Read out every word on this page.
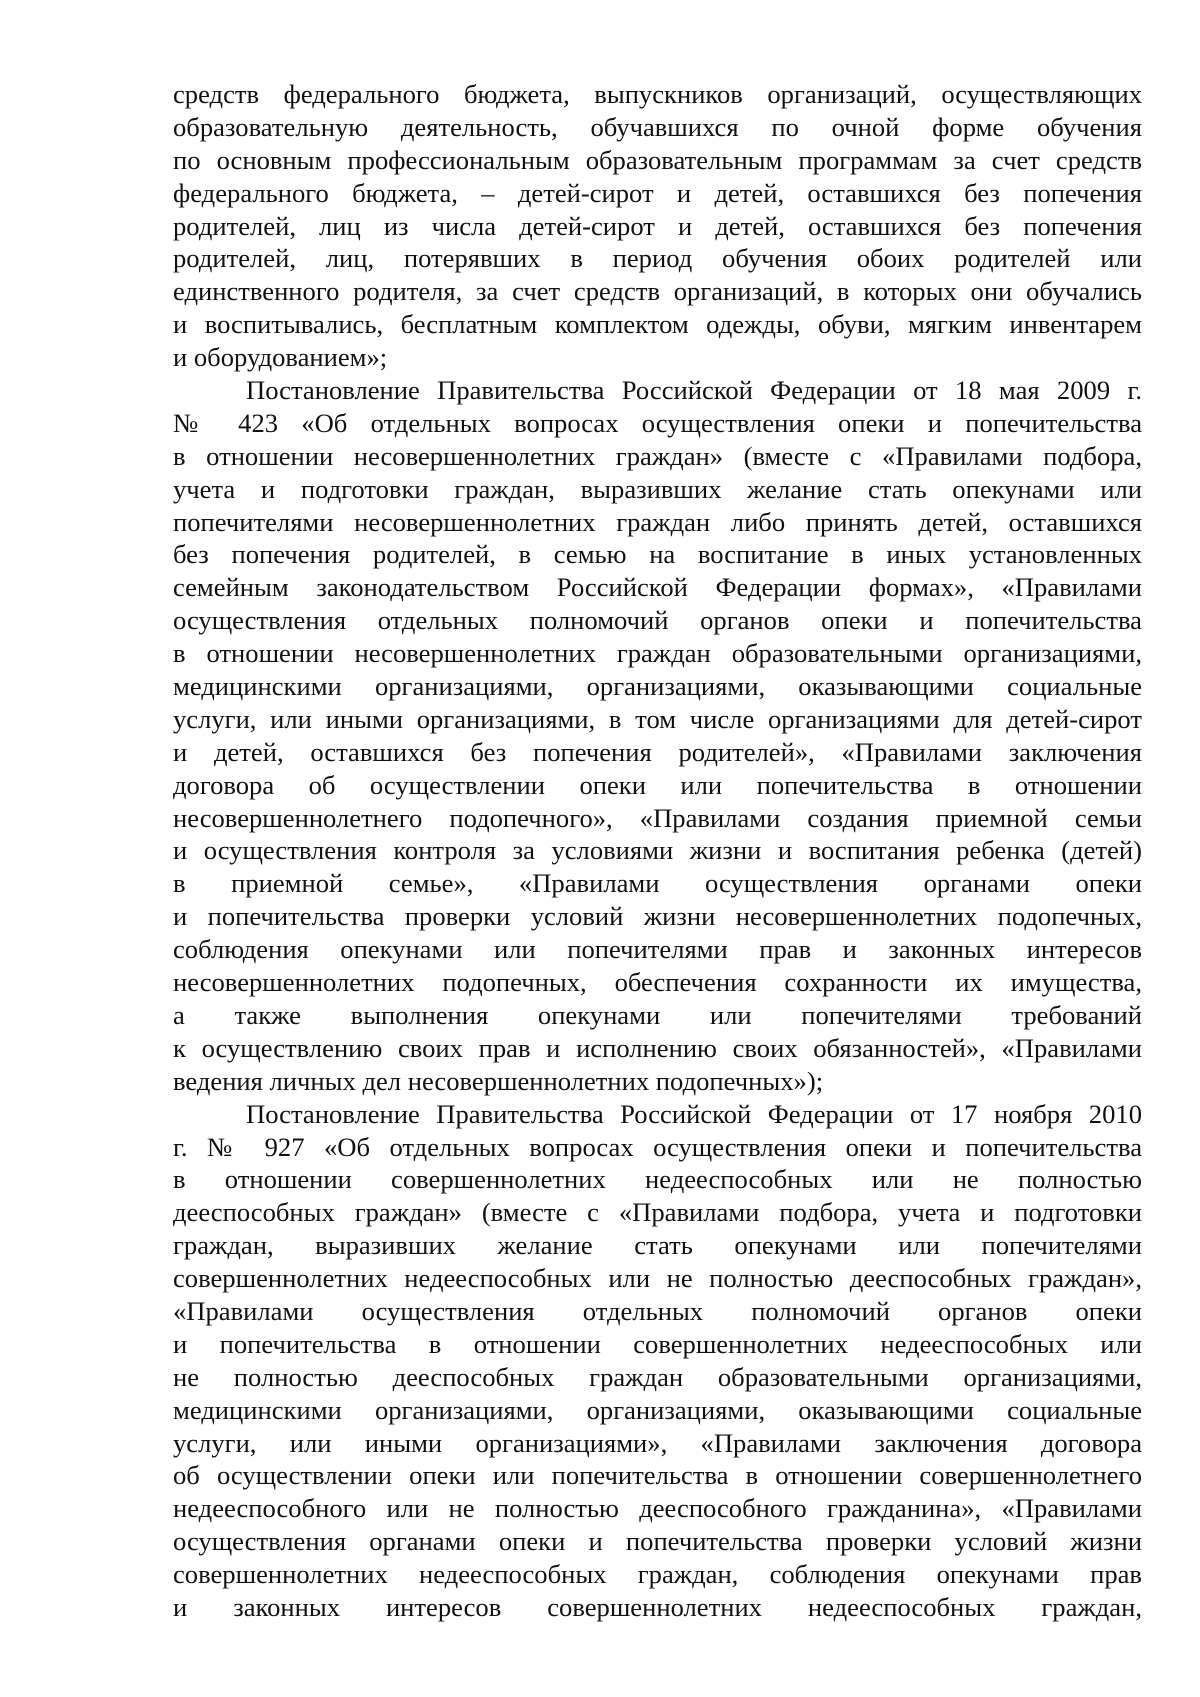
средств федерального бюджета, выпускников организаций, осуществляющих
образовательную деятельность, обучавшихся по очной форме обучения
по основным профессиональным образовательным программам за счет средств
федерального бюджета, – детей-сирот и детей, оставшихся без попечения
родителей, лиц из числа детей-сирот и детей, оставшихся без попечения
родителей, лиц, потерявших в период обучения обоих родителей или
единственного родителя, за счет средств организаций, в которых они обучались
и воспитывались, бесплатным комплектом одежды, обуви, мягким инвентарем
и оборудованием»;
Постановление Правительства Российской Федерации от 18 мая 2009 г.
№ 423 «Об отдельных вопросах осуществления опеки и попечительства
в отношении несовершеннолетних граждан» (вместе с «Правилами подбора,
учета и подготовки граждан, выразивших желание стать опекунами или
попечителями несовершеннолетних граждан либо принять детей, оставшихся
без попечения родителей, в семью на воспитание в иных установленных
семейным законодательством Российской Федерации формах», «Правилами
осуществления отдельных полномочий органов опеки и попечительства
в отношении несовершеннолетних граждан образовательными организациями,
медицинскими организациями, организациями, оказывающими социальные
услуги, или иными организациями, в том числе организациями для детей-сирот
и детей, оставшихся без попечения родителей», «Правилами заключения
договора об осуществлении опеки или попечительства в отношении
несовершеннолетнего подопечного», «Правилами создания приемной семьи
и осуществления контроля за условиями жизни и воспитания ребенка (детей)
в приемной семье», «Правилами осуществления органами опеки
и попечительства проверки условий жизни несовершеннолетних подопечных,
соблюдения опекунами или попечителями прав и законных интересов
несовершеннолетних подопечных, обеспечения сохранности их имущества,
а также выполнения опекунами или попечителями требований
к осуществлению своих прав и исполнению своих обязанностей», «Правилами
ведения личных дел несовершеннолетних подопечных»);
Постановление Правительства Российской Федерации от 17 ноября 2010
г. № 927 «Об отдельных вопросах осуществления опеки и попечительства
в отношении совершеннолетних недееспособных или не полностью
дееспособных граждан» (вместе с «Правилами подбора, учета и подготовки
граждан, выразивших желание стать опекунами или попечителями
совершеннолетних недееспособных или не полностью дееспособных граждан»,
«Правилами осуществления отдельных полномочий органов опеки
и попечительства в отношении совершеннолетних недееспособных или
не полностью дееспособных граждан образовательными организациями,
медицинскими организациями, организациями, оказывающими социальные
услуги, или иными организациями», «Правилами заключения договора
об осуществлении опеки или попечительства в отношении совершеннолетнего
недееспособного или не полностью дееспособного гражданина», «Правилами
осуществления органами опеки и попечительства проверки условий жизни
совершеннолетних недееспособных граждан, соблюдения опекунами прав
и законных интересов совершеннолетних недееспособных граждан,
